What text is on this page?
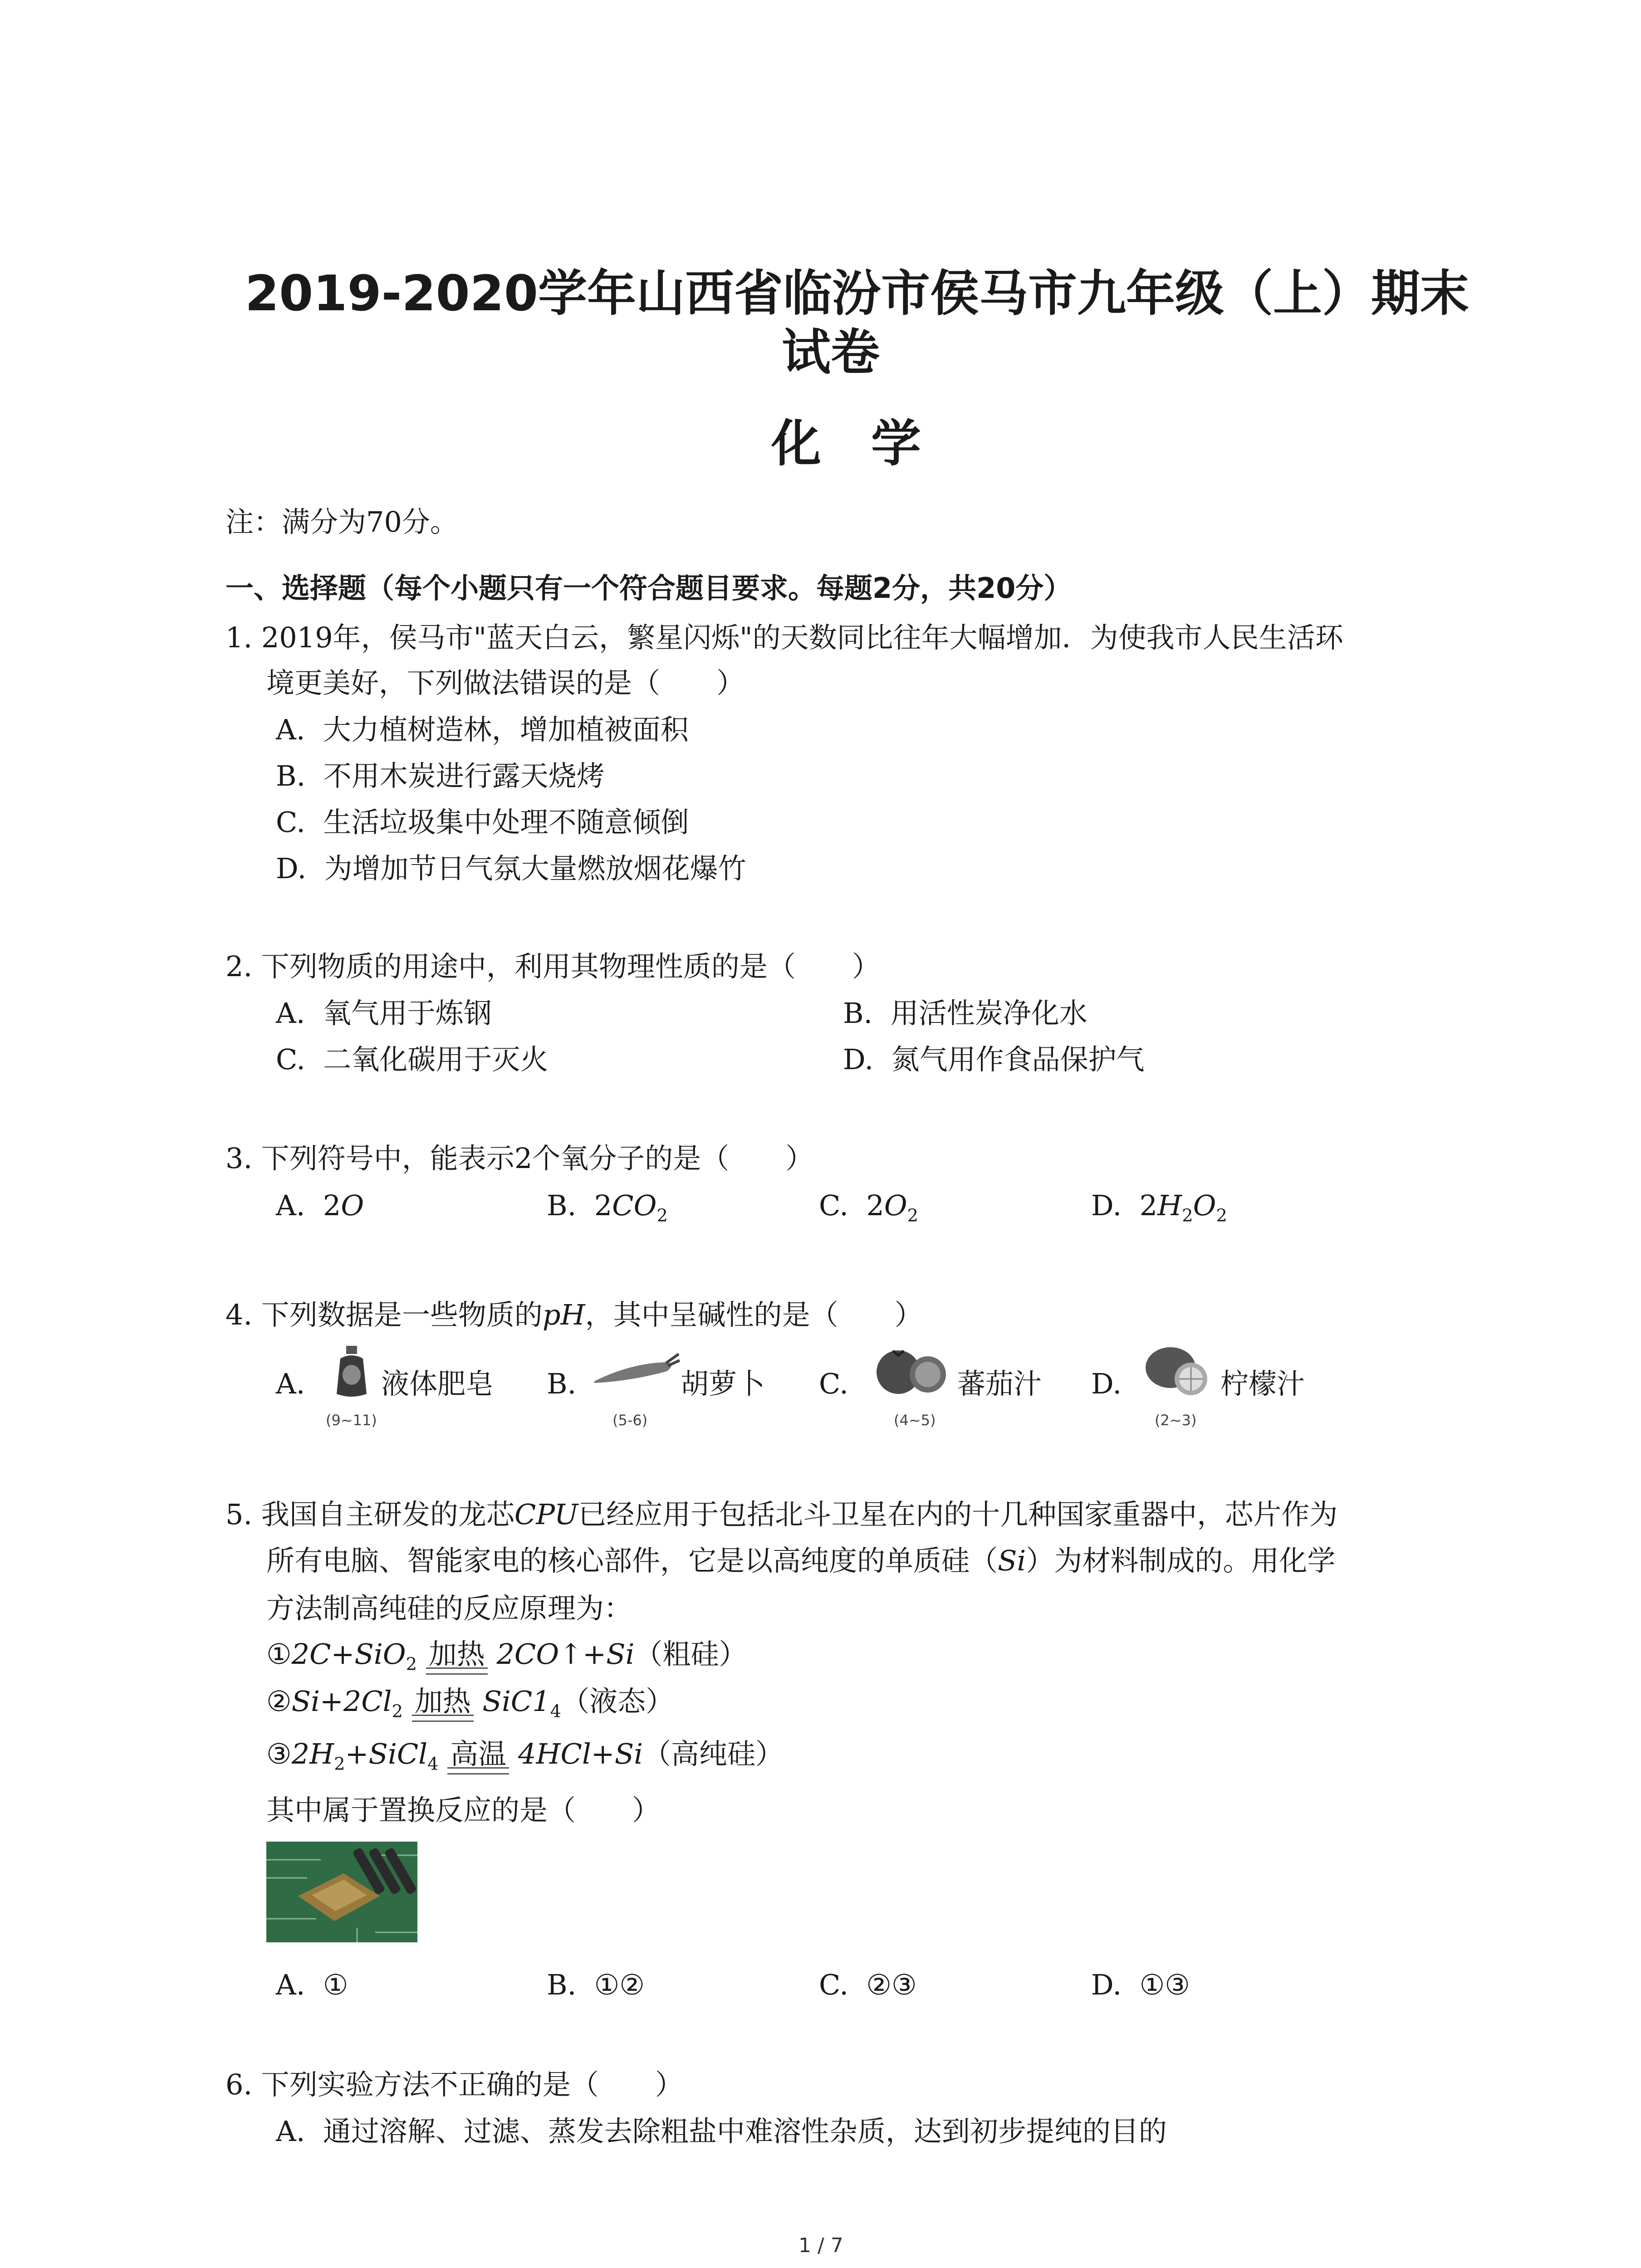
2019-2020学年山西省临汾市侯马市九年级（上）期末
试卷
化学
注：满分为70分。
一、选择题（每个小题只有一个符合题目要求。每题2分，共20分）
1. 2019年，侯马市"蓝天白云，繁星闪烁"的天数同比往年大幅增加．为使我市人民生活环
境更美好，下列做法错误的是（　　）
A. 大力植树造林，增加植被面积
B. 不用木炭进行露天烧烤
C. 生活垃圾集中处理不随意倾倒
D. 为增加节日气氛大量燃放烟花爆竹
2. 下列物质的用途中，利用其物理性质的是（　　）
A. 氧气用于炼钢	B. 用活性炭净化水
C. 二氧化碳用于灭火	D. 氮气用作食品保护气
3. 下列符号中，能表示2个氧分子的是（　　）
A. 2O	B. $2CO_2$	C. $2O_2$	D. $2H_2O_2$
4. 下列数据是一些物质的pH，其中呈碱性的是（　　）
A.
(9~11)
液体肥皂 B.
(5-6)
胡萝卜 C.
(4~5)
蕃茄汁 D.
(2~3)
柠檬汁
5. 我国自主研发的龙芯CPU已经应用于包括北斗卫星在内的十几种国家重器中，芯片作为
所有电脑、智能家电的核心部件，它是以高纯度的单质硅（Si）为材料制成的。用化学
方法制高纯硅的反应原理为：
①2C+SiO$_2$ 加热 2CO↑+Si（粗硅）
$②Si+2Cl_2$ 加热 $SiC1_4$（液态）
$③2H_2+SiCl_4$ 高温 4HCl+Si（高纯硅）
其中属于置换反应的是（　　）
A. ①	B. ①②	C. ②③	D. ①③
6. 下列实验方法不正确的是（　　）
A. 通过溶解、过滤、蒸发去除粗盐中难溶性杂质，达到初步提纯的目的
1 / 7
